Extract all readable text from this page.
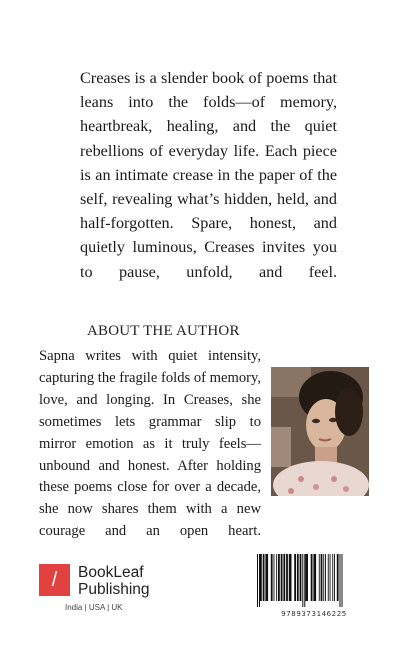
Creases is a slender book of poems that leans into the folds—of memory, heartbreak, healing, and the quiet rebellions of everyday life. Each piece is an intimate crease in the paper of the self, revealing what’s hidden, held, and half-forgotten. Spare, honest, and quietly luminous, Creases invites you to pause, unfold, and feel.
ABOUT THE AUTHOR
Sapna writes with quiet intensity, capturing the fragile folds of memory, love, and longing. In Creases, she sometimes lets grammar slip to mirror emotion as it truly feels—unbound and honest. After holding these poems close for over a decade, she now shares them with a new courage and an open heart.
/	BookLeaf
Publishing
India | USA | UK
9789373146225
